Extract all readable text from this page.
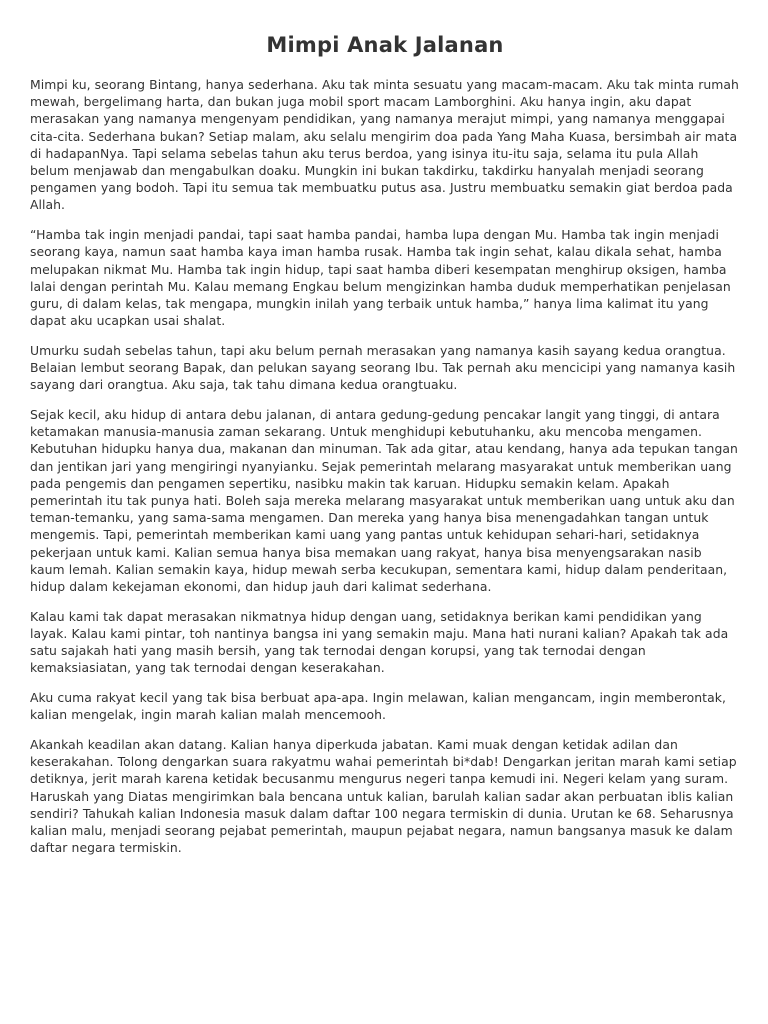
Mimpi Anak Jalanan

Mimpi ku, seorang Bintang, hanya sederhana. Aku tak minta sesuatu yang macam-macam. Aku tak minta rumah mewah, bergelimang harta, dan bukan juga mobil sport macam Lamborghini. Aku hanya ingin, aku dapat merasakan yang namanya mengenyam pendidikan, yang namanya merajut mimpi, yang namanya menggapai cita-cita. Sederhana bukan? Setiap malam, aku selalu mengirim doa pada Yang Maha Kuasa, bersimbah air mata di hadapanNya. Tapi selama sebelas tahun aku terus berdoa, yang isinya itu-itu saja, selama itu pula Allah belum menjawab dan mengabulkan doaku. Mungkin ini bukan takdirku, takdirku hanyalah menjadi seorang pengamen yang bodoh. Tapi itu semua tak membuatku putus asa. Justru membuatku semakin giat berdoa pada Allah.

“Hamba tak ingin menjadi pandai, tapi saat hamba pandai, hamba lupa dengan Mu. Hamba tak ingin menjadi seorang kaya, namun saat hamba kaya iman hamba rusak. Hamba tak ingin sehat, kalau dikala sehat, hamba melupakan nikmat Mu. Hamba tak ingin hidup, tapi saat hamba diberi kesempatan menghirup oksigen, hamba lalai dengan perintah Mu. Kalau memang Engkau belum mengizinkan hamba duduk memperhatikan penjelasan guru, di dalam kelas, tak mengapa, mungkin inilah yang terbaik untuk hamba,” hanya lima kalimat itu yang dapat aku ucapkan usai shalat.

Umurku sudah sebelas tahun, tapi aku belum pernah merasakan yang namanya kasih sayang kedua orangtua. Belaian lembut seorang Bapak, dan pelukan sayang seorang Ibu. Tak pernah aku mencicipi yang namanya kasih sayang dari orangtua. Aku saja, tak tahu dimana kedua orangtuaku.

Sejak kecil, aku hidup di antara debu jalanan, di antara gedung-gedung pencakar langit yang tinggi, di antara ketamakan manusia-manusia zaman sekarang. Untuk menghidupi kebutuhanku, aku mencoba mengamen. Kebutuhan hidupku hanya dua, makanan dan minuman. Tak ada gitar, atau kendang, hanya ada tepukan tangan dan jentikan jari yang mengiringi nyanyianku. Sejak pemerintah melarang masyarakat untuk memberikan uang pada pengemis dan pengamen sepertiku, nasibku makin tak karuan. Hidupku semakin kelam. Apakah pemerintah itu tak punya hati. Boleh saja mereka melarang masyarakat untuk memberikan uang untuk aku dan teman-temanku, yang sama-sama mengamen. Dan mereka yang hanya bisa menengadahkan tangan untuk mengemis. Tapi, pemerintah memberikan kami uang yang pantas untuk kehidupan sehari-hari, setidaknya pekerjaan untuk kami. Kalian semua hanya bisa memakan uang rakyat, hanya bisa menyengsarakan nasib kaum lemah. Kalian semakin kaya, hidup mewah serba kecukupan, sementara kami, hidup dalam penderitaan, hidup dalam kekejaman ekonomi, dan hidup jauh dari kalimat sederhana.

Kalau kami tak dapat merasakan nikmatnya hidup dengan uang, setidaknya berikan kami pendidikan yang layak. Kalau kami pintar, toh nantinya bangsa ini yang semakin maju. Mana hati nurani kalian? Apakah tak ada satu sajakah hati yang masih bersih, yang tak ternodai dengan korupsi, yang tak ternodai dengan kemaksiasiatan, yang tak ternodai dengan keserakahan.

Aku cuma rakyat kecil yang tak bisa berbuat apa-apa. Ingin melawan, kalian mengancam, ingin memberontak, kalian mengelak, ingin marah kalian malah mencemooh.

Akankah keadilan akan datang. Kalian hanya diperkuda jabatan. Kami muak dengan ketidak adilan dan keserakahan. Tolong dengarkan suara rakyatmu wahai pemerintah bi*dab! Dengarkan jeritan marah kami setiap detiknya, jerit marah karena ketidak becusanmu mengurus negeri tanpa kemudi ini. Negeri kelam yang suram. Haruskah yang Diatas mengirimkan bala bencana untuk kalian, barulah kalian sadar akan perbuatan iblis kalian sendiri? Tahukah kalian Indonesia masuk dalam daftar 100 negara termiskin di dunia. Urutan ke 68. Seharusnya kalian malu, menjadi seorang pejabat pemerintah, maupun pejabat negara, namun bangsanya masuk ke dalam daftar negara termiskin.
